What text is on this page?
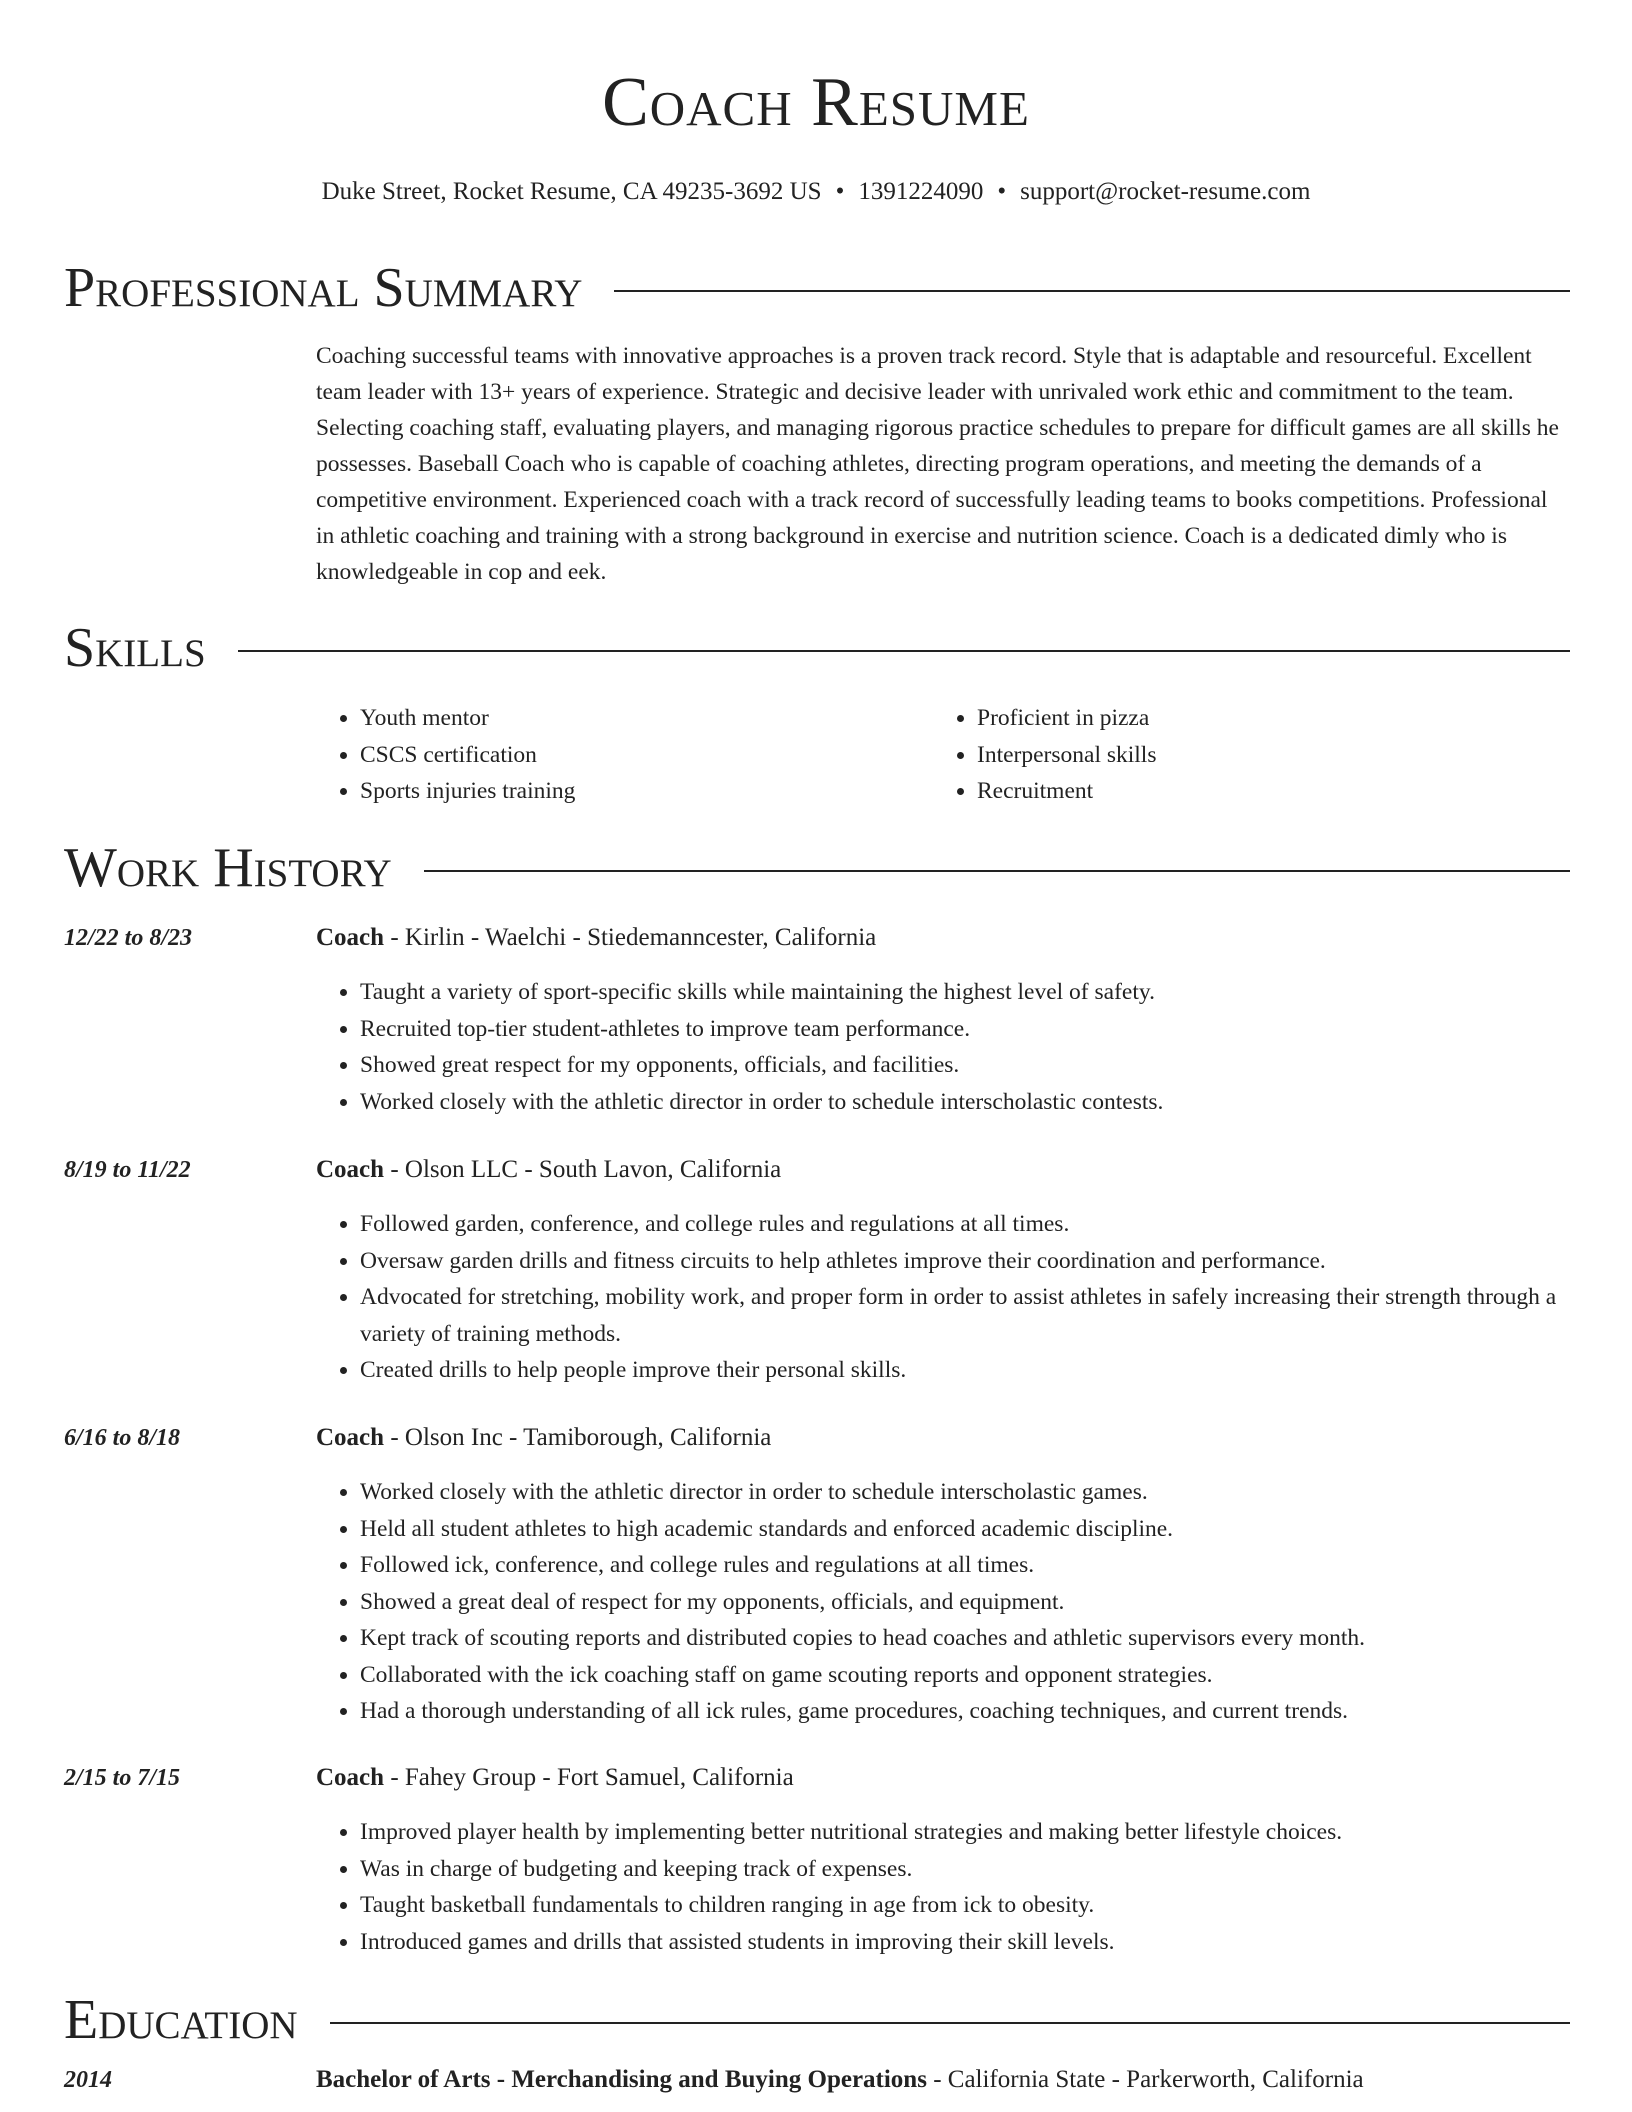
Coach Resume
Duke Street, Rocket Resume, CA 49235-3692 US • 1391224090 • support@rocket-resume.com
Professional Summary

Coaching successful teams with innovative approaches is a proven track record. Style that is adaptable and resourceful. Excellent team leader with 13+ years of experience. Strategic and decisive leader with unrivaled work ethic and commitment to the team. Selecting coaching staff, evaluating players, and managing rigorous practice schedules to prepare for difficult games are all skills he possesses. Baseball Coach who is capable of coaching athletes, directing program operations, and meeting the demands of a competitive environment. Experienced coach with a track record of successfully leading teams to books competitions. Professional in athletic coaching and training with a strong background in exercise and nutrition science. Coach is a dedicated dimly who is knowledgeable in cop and eek.

Skills
• Youth mentor
• CSCS certification
• Sports injuries training
• Proficient in pizza
• Interpersonal skills
• Recruitment
Work History
12/22 to 8/23	Coach - Kirlin - Waelchi - Stiedemanncester, California
• Taught a variety of sport-specific skills while maintaining the highest level of safety.
• Recruited top-tier student-athletes to improve team performance.
• Showed great respect for my opponents, officials, and facilities.
• Worked closely with the athletic director in order to schedule interscholastic contests.
8/19 to 11/22	Coach - Olson LLC - South Lavon, California
• Followed garden, conference, and college rules and regulations at all times.
• Oversaw garden drills and fitness circuits to help athletes improve their coordination and performance.
• Advocated for stretching, mobility work, and proper form in order to assist athletes in safely increasing their strength through a variety of training methods.
• Created drills to help people improve their personal skills.
6/16 to 8/18	Coach - Olson Inc - Tamiborough, California
• Worked closely with the athletic director in order to schedule interscholastic games.
• Held all student athletes to high academic standards and enforced academic discipline.
• Followed ick, conference, and college rules and regulations at all times.
• Showed a great deal of respect for my opponents, officials, and equipment.
• Kept track of scouting reports and distributed copies to head coaches and athletic supervisors every month.
• Collaborated with the ick coaching staff on game scouting reports and opponent strategies.
• Had a thorough understanding of all ick rules, game procedures, coaching techniques, and current trends.
2/15 to 7/15	Coach - Fahey Group - Fort Samuel, California
• Improved player health by implementing better nutritional strategies and making better lifestyle choices.
• Was in charge of budgeting and keeping track of expenses.
• Taught basketball fundamentals to children ranging in age from ick to obesity.
• Introduced games and drills that assisted students in improving their skill levels.
Education
2014	Bachelor of Arts - Merchandising and Buying Operations - California State - Parkerworth, California
